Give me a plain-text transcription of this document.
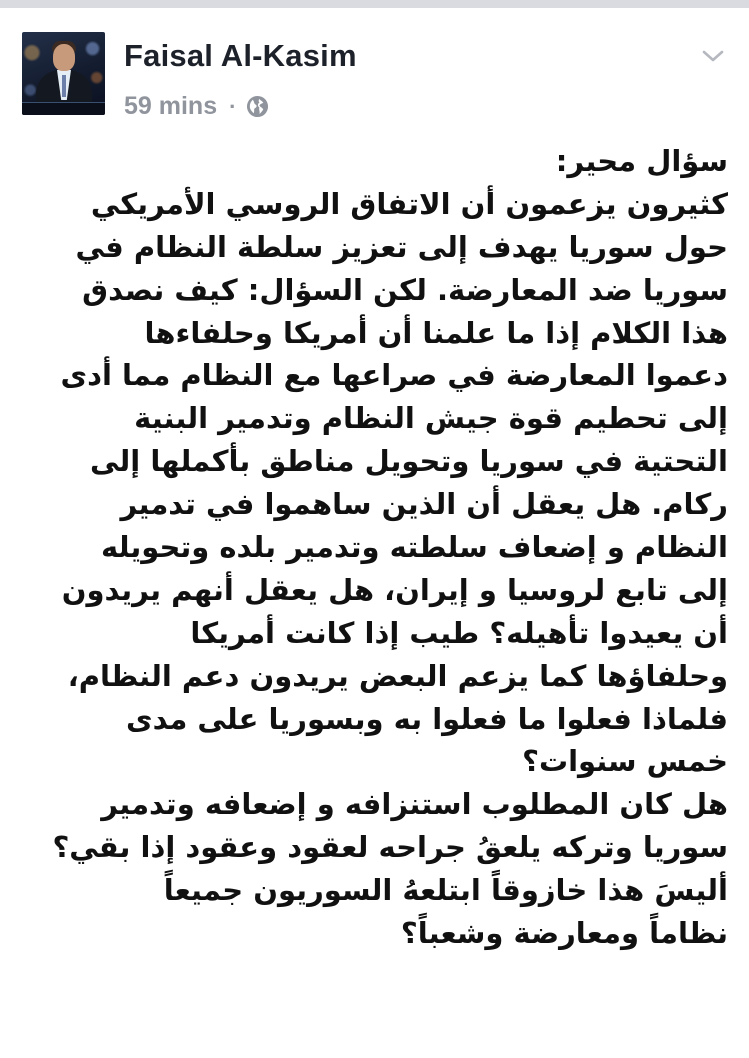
Faisal Al-Kasim
59 mins ·
سؤال محير:
كثيرون يزعمون أن الاتفاق الروسي الأمريكي
حول سوريا يهدف إلى تعزيز سلطة النظام في
سوريا ضد المعارضة. لكن السؤال: كيف نصدق
هذا الكلام إذا ما علمنا أن أمريكا وحلفاءها
دعموا المعارضة في صراعها مع النظام مما أدى
إلى تحطيم قوة جيش النظام وتدمير البنية
التحتية في سوريا وتحويل مناطق بأكملها إلى
ركام. هل يعقل أن الذين ساهموا في تدمير
النظام و إضعاف سلطته وتدمير بلده وتحويله
إلى تابع لروسيا و إيران، هل يعقل أنهم يريدون
أن يعيدوا تأهيله؟ طيب إذا كانت أمريكا
وحلفاؤها كما يزعم البعض يريدون دعم النظام،
فلماذا فعلوا ما فعلوا به وبسوريا على مدى
خمس سنوات؟
هل كان المطلوب استنزافه و إضعافه وتدمير
سوريا وتركه يلعقُ جراحه لعقود وعقود إذا بقي؟
أليسَ هذا خازوقاً ابتلعهُ السوريون جميعاً
نظاماً ومعارضة وشعباً؟
